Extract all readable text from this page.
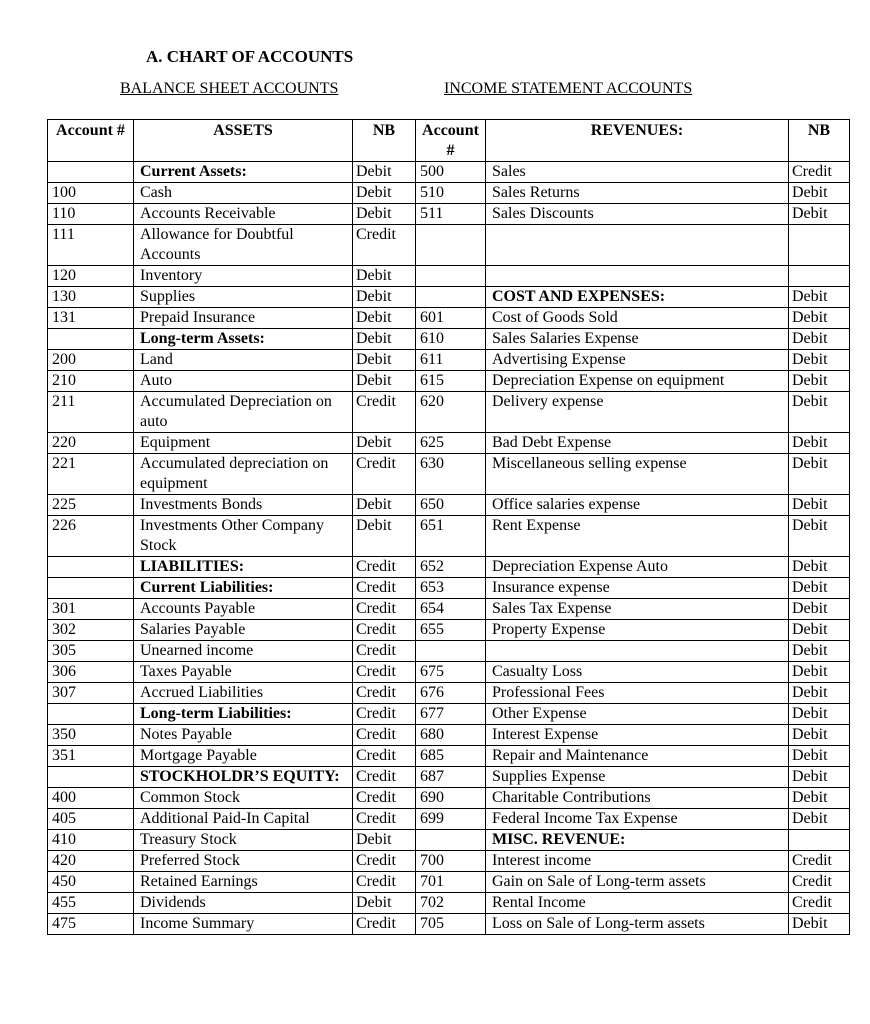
A. CHART OF ACCOUNTS
BALANCE SHEET ACCOUNTS	INCOME STATEMENT ACCOUNTS
Account #	ASSETS	NB	Account #	REVENUES:	NB
	Current Assets:	Debit	500	Sales	Credit
100	Cash	Debit	510	Sales Returns	Debit
110	Accounts Receivable	Debit	511	Sales Discounts	Debit
111	Allowance for Doubtful Accounts	Credit			
120	Inventory	Debit			
130	Supplies	Debit		COST AND EXPENSES:	Debit
131	Prepaid Insurance	Debit	601	Cost of Goods Sold	Debit
	Long-term Assets:	Debit	610	Sales Salaries Expense	Debit
200	Land	Debit	611	Advertising Expense	Debit
210	Auto	Debit	615	Depreciation Expense on equipment	Debit
211	Accumulated Depreciation on auto	Credit	620	Delivery expense	Debit
220	Equipment	Debit	625	Bad Debt Expense	Debit
221	Accumulated depreciation on equipment	Credit	630	Miscellaneous selling expense	Debit
225	Investments Bonds	Debit	650	Office salaries expense	Debit
226	Investments Other Company Stock	Debit	651	Rent Expense	Debit
	LIABILITIES:	Credit	652	Depreciation Expense Auto	Debit
	Current Liabilities:	Credit	653	Insurance expense	Debit
301	Accounts Payable	Credit	654	Sales Tax Expense	Debit
302	Salaries Payable	Credit	655	Property Expense	Debit
305	Unearned income	Credit			Debit
306	Taxes Payable	Credit	675	Casualty Loss	Debit
307	Accrued Liabilities	Credit	676	Professional Fees	Debit
	Long-term Liabilities:	Credit	677	Other Expense	Debit
350	Notes Payable	Credit	680	Interest Expense	Debit
351	Mortgage Payable	Credit	685	Repair and Maintenance	Debit
	STOCKHOLDR’S EQUITY:	Credit	687	Supplies Expense	Debit
400	Common Stock	Credit	690	Charitable Contributions	Debit
405	Additional Paid-In Capital	Credit	699	Federal Income Tax Expense	Debit
410	Treasury Stock	Debit		MISC. REVENUE:	
420	Preferred Stock	Credit	700	Interest income	Credit
450	Retained Earnings	Credit	701	Gain on Sale of Long-term assets	Credit
455	Dividends	Debit	702	Rental Income	Credit
475	Income Summary	Credit	705	Loss on Sale of Long-term assets	Debit
